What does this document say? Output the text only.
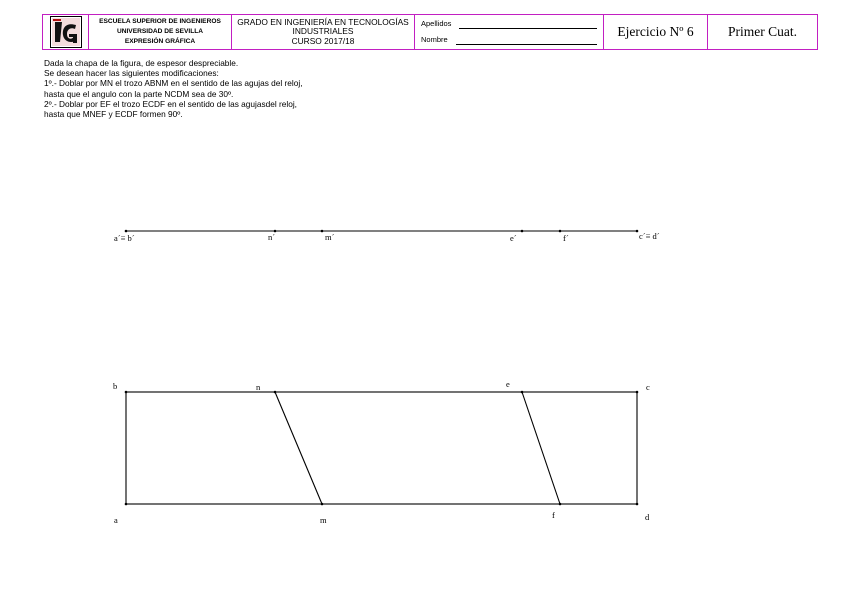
ESCUELA SUPERIOR DE INGENIEROS
UNIVERSIDAD DE SEVILLA
EXPRESIÓN GRÁFICA
GRADO EN INGENIERÍA EN TECNOLOGÍAS
INDUSTRIALES
CURSO 2017/18
Apellidos
Nombre
Ejercicio Nº 6	Primer Cuat.
Dada la chapa de la figura, de espesor despreciable.
Se desean hacer las siguientes modificaciones:
1º.- Doblar por MN el trozo ABNM en el sentido de las agujas del reloj,
hasta que el angulo con la parte NCDM sea de 30º.
2º.- Doblar por EF el trozo ECDF en el sentido de las agujasdel reloj,
hasta que MNEF y ECDF formen 90º.
a´≡ b´	n´	m´	e´	f´	c´≡ d´
b	n	e	c
a	m	f	d
